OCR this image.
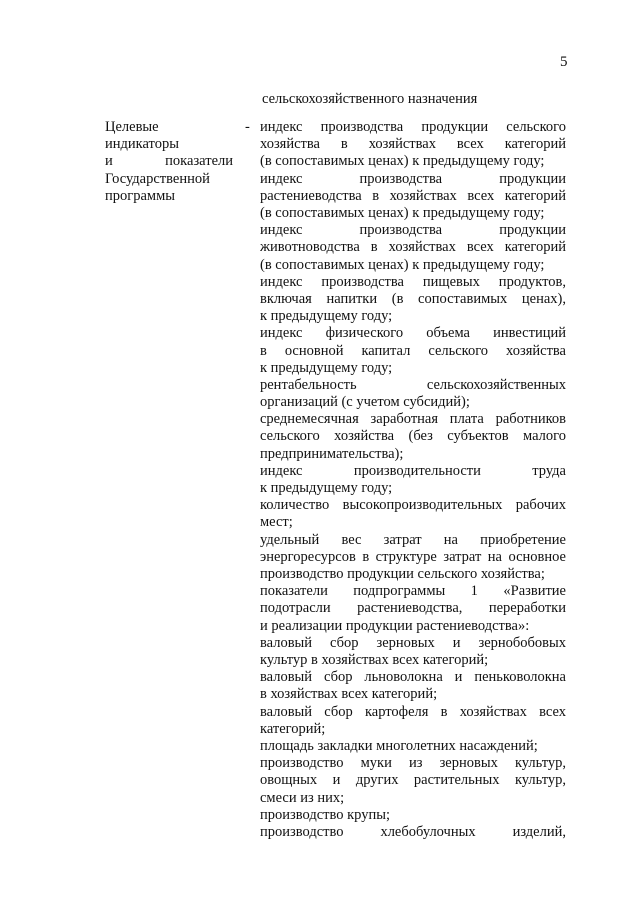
5
сельскохозяйственного назначения
Целевые
индикаторы
и	показатели
Государственной
программы
- индекс производства продукции сельского
хозяйства в хозяйствах всех категорий
(в сопоставимых ценах) к предыдущему году;
индекс производства продукции
растениеводства в хозяйствах всех категорий
(в сопоставимых ценах) к предыдущему году;
индекс производства продукции
животноводства в хозяйствах всех категорий
(в сопоставимых ценах) к предыдущему году;
индекс производства пищевых продуктов,
включая напитки (в сопоставимых ценах),
к предыдущему году;
индекс физического объема инвестиций
в основной капитал сельского хозяйства
к предыдущему году;
рентабельность сельскохозяйственных
организаций (с учетом субсидий);
среднемесячная заработная плата работников
сельского хозяйства (без субъектов малого
предпринимательства);
индекс производительности труда
к предыдущему году;
количество высокопроизводительных рабочих
мест;
удельный вес затрат на приобретение
энергоресурсов в структуре затрат на основное
производство продукции сельского хозяйства;
показатели подпрограммы 1 «Развитие
подотрасли растениеводства, переработки
и реализации продукции растениеводства»:
валовый сбор зерновых и зернобобовых
культур в хозяйствах всех категорий;
валовый сбор льноволокна и пеньковолокна
в хозяйствах всех категорий;
валовый сбор картофеля в хозяйствах всех
категорий;
площадь закладки многолетних насаждений;
производство муки из зерновых культур,
овощных и других растительных культур,
смеси из них;
производство крупы;
производство хлебобулочных изделий,
